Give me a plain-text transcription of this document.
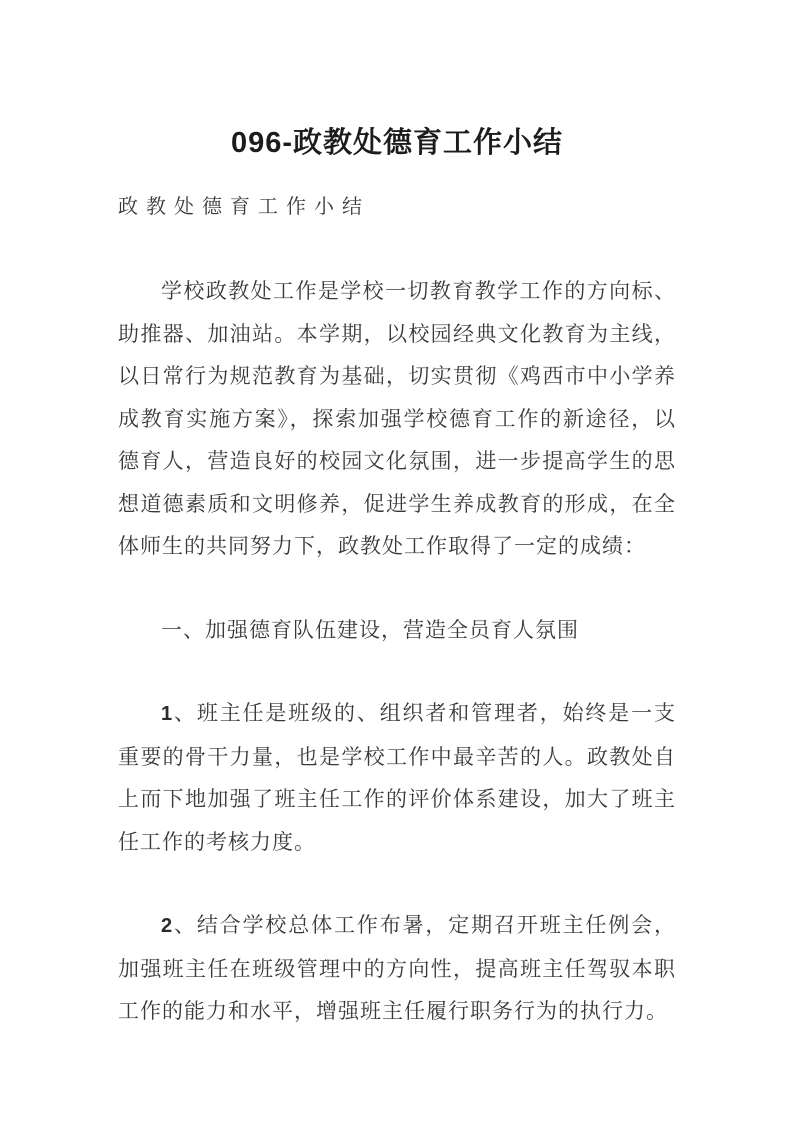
096-政教处德育工作小结

政教处德育工作小结

学校政教处工作是学校一切教育教学工作的方向标、助推器、加油站。本学期，以校园经典文化教育为主线，以日常行为规范教育为基础，切实贯彻《鸡西市中小学养成教育实施方案》，探索加强学校德育工作的新途径，以德育人，营造良好的校园文化氛围，进一步提高学生的思想道德素质和文明修养，促进学生养成教育的形成，在全体师生的共同努力下，政教处工作取得了一定的成绩：

一、加强德育队伍建设，营造全员育人氛围

1、班主任是班级的、组织者和管理者，始终是一支重要的骨干力量，也是学校工作中最辛苦的人。政教处自上而下地加强了班主任工作的评价体系建设，加大了班主任工作的考核力度。

2、结合学校总体工作布暑，定期召开班主任例会，加强班主任在班级管理中的方向性，提高班主任驾驭本职工作的能力和水平，增强班主任履行职务行为的执行力。
